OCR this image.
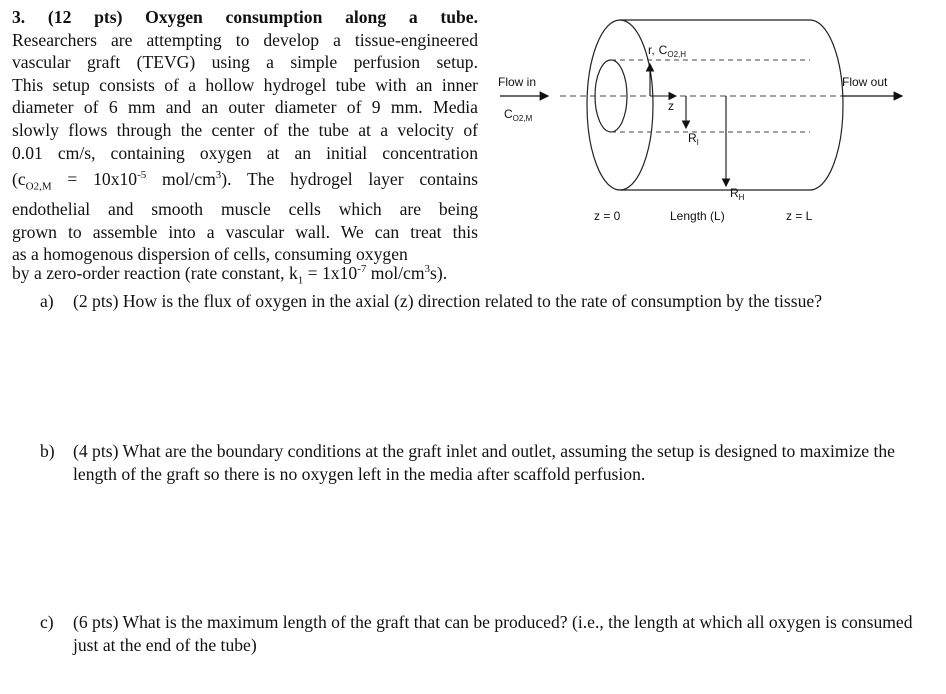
3. (12 pts) Oxygen consumption along a tube.
Researchers are attempting to develop a tissue-engineered
vascular graft (TEVG) using a simple perfusion setup.
This setup consists of a hollow hydrogel tube with an inner
diameter of 6 mm and an outer diameter of 9 mm. Media
slowly flows through the center of the tube at a velocity of
0.01 cm/s, containing oxygen at an initial concentration
($c_{O2,M} = 10x10^{-5}$ mol/$cm^3$). The hydrogel layer contains
endothelial and smooth muscle cells which are being
grown to assemble into a vascular wall. We can treat this
as a homogenous dispersion of cells, consuming oxygen
by a zero-order reaction (rate constant, $k_1 = 1x10^{-7}$ mol/$cm^3s$).
a) (2 pts) How is the flux of oxygen in the axial (z) direction related to the rate of consumption by the tissue?
b) (4 pts) What are the boundary conditions at the graft inlet and outlet, assuming the setup is designed to maximize the length of the graft so there is no oxygen left in the media after scaffold perfusion.
c) (6 pts) What is the maximum length of the graft that can be produced? (i.e., the length at which all oxygen is consumed just at the end of the tube)
Flow in	Flow out
$C_{O2,M}$
r, $C_{O2,H}$
z
$R_I$
$R_H$
z = 0	Length (L)	z = L
